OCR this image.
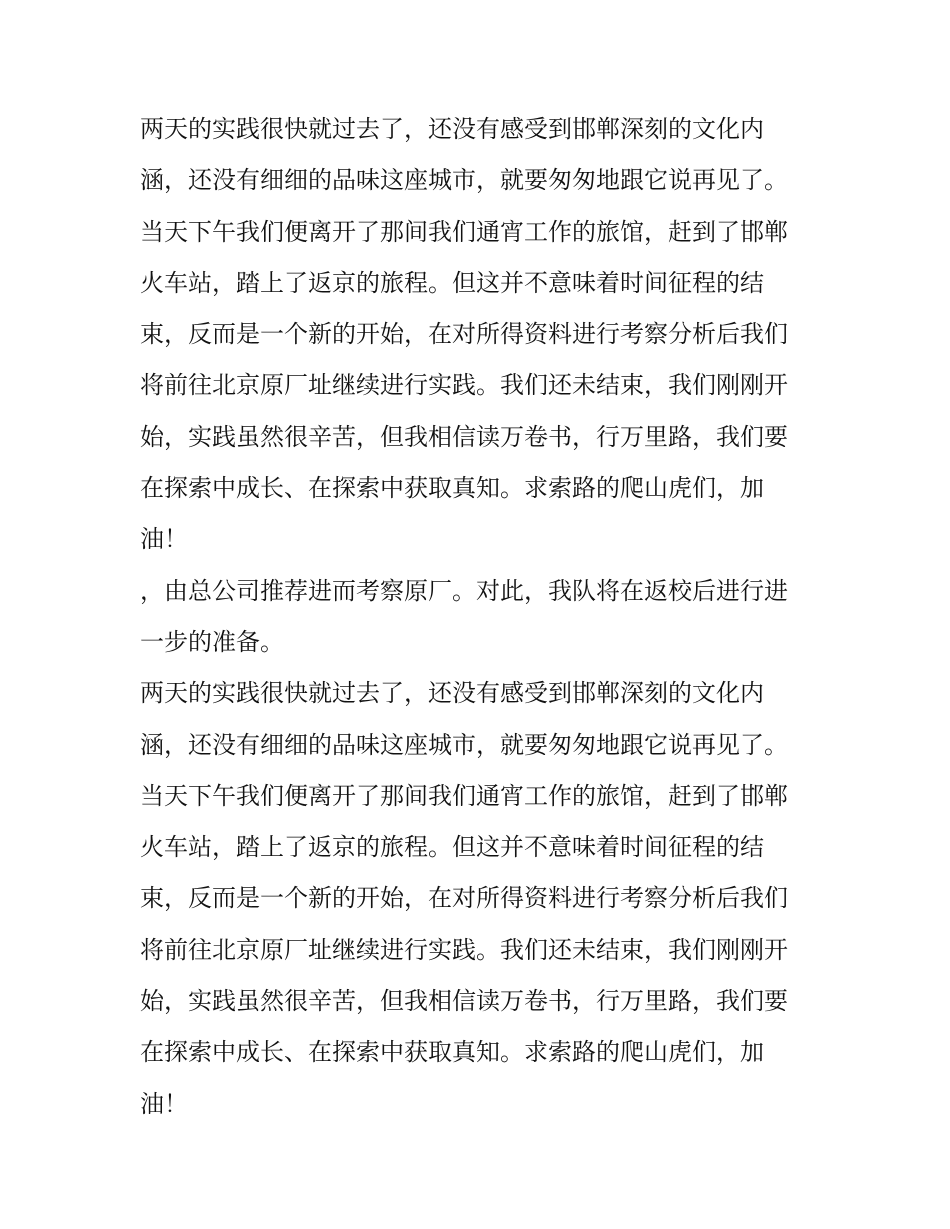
两天的实践很快就过去了，还没有感受到邯郸深刻的文化内
涵，还没有细细的品味这座城市，就要匆匆地跟它说再见了。
当天下午我们便离开了那间我们通宵工作的旅馆，赶到了邯郸
火车站，踏上了返京的旅程。但这并不意味着时间征程的结
束，反而是一个新的开始，在对所得资料进行考察分析后我们
将前往北京原厂址继续进行实践。我们还未结束，我们刚刚开
始，实践虽然很辛苦，但我相信读万卷书，行万里路，我们要
在探索中成长、在探索中获取真知。求索路的爬山虎们，加
油！
，由总公司推荐进而考察原厂。对此，我队将在返校后进行进
一步的准备。
两天的实践很快就过去了，还没有感受到邯郸深刻的文化内
涵，还没有细细的品味这座城市，就要匆匆地跟它说再见了。
当天下午我们便离开了那间我们通宵工作的旅馆，赶到了邯郸
火车站，踏上了返京的旅程。但这并不意味着时间征程的结
束，反而是一个新的开始，在对所得资料进行考察分析后我们
将前往北京原厂址继续进行实践。我们还未结束，我们刚刚开
始，实践虽然很辛苦，但我相信读万卷书，行万里路，我们要
在探索中成长、在探索中获取真知。求索路的爬山虎们，加
油！
